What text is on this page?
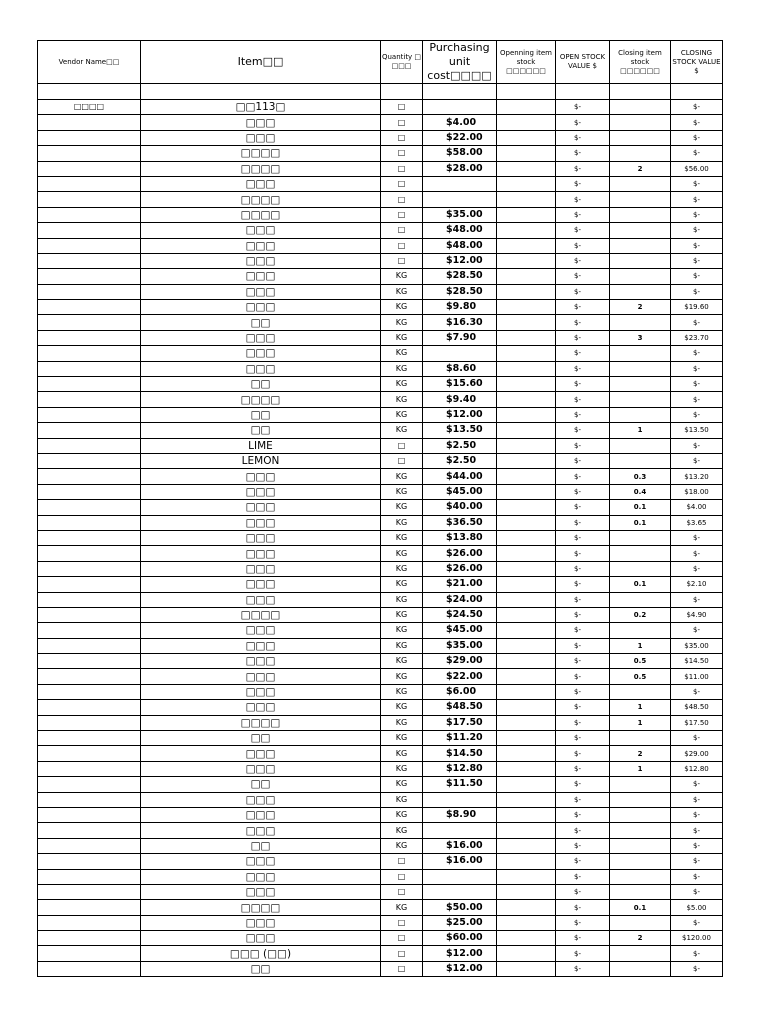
Vendor Name□□	Item□□	Quantity □ □□□	Purchasing unit cost□□□□	Openning item stock □□□□□□	OPEN STOCK VALUE $	Closing item stock □□□□□□	CLOSING STOCK VALUE $

□□□□	□□113□	□			$-		$-
	□□□	□	$4.00		$-		$-
	□□□	□	$22.00		$-		$-
	□□□□	□	$58.00		$-		$-
	□□□□	□	$28.00		$-	2	$56.00
	□□□	□			$-		$-
	□□□□	□			$-		$-
	□□□□	□	$35.00		$-		$-
	□□□	□	$48.00		$-		$-
	□□□	□	$48.00		$-		$-
	□□□	□	$12.00		$-		$-
	□□□	KG	$28.50		$-		$-
	□□□	KG	$28.50		$-		$-
	□□□	KG	$9.80		$-	2	$19.60
	□□	KG	$16.30		$-		$-
	□□□	KG	$7.90		$-	3	$23.70
	□□□	KG			$-		$-
	□□□	KG	$8.60		$-		$-
	□□	KG	$15.60		$-		$-
	□□□□	KG	$9.40		$-		$-
	□□	KG	$12.00		$-		$-
	□□	KG	$13.50		$-	1	$13.50
	LIME	□	$2.50		$-		$-
	LEMON	□	$2.50		$-		$-
	□□□	KG	$44.00		$-	0.3	$13.20
	□□□	KG	$45.00		$-	0.4	$18.00
	□□□	KG	$40.00		$-	0.1	$4.00
	□□□	KG	$36.50		$-	0.1	$3.65
	□□□	KG	$13.80		$-		$-
	□□□	KG	$26.00		$-		$-
	□□□	KG	$26.00		$-		$-
	□□□	KG	$21.00		$-	0.1	$2.10
	□□□	KG	$24.00		$-		$-
	□□□□	KG	$24.50		$-	0.2	$4.90
	□□□	KG	$45.00		$-		$-
	□□□	KG	$35.00		$-	1	$35.00
	□□□	KG	$29.00		$-	0.5	$14.50
	□□□	KG	$22.00		$-	0.5	$11.00
	□□□	KG	$6.00		$-		$-
	□□□	KG	$48.50		$-	1	$48.50
	□□□□	KG	$17.50		$-	1	$17.50
	□□	KG	$11.20		$-		$-
	□□□	KG	$14.50		$-	2	$29.00
	□□□	KG	$12.80		$-	1	$12.80
	□□	KG	$11.50		$-		$-
	□□□	KG			$-		$-
	□□□	KG	$8.90		$-		$-
	□□□	KG			$-		$-
	□□	KG	$16.00		$-		$-
	□□□	□	$16.00		$-		$-
	□□□	□			$-		$-
	□□□	□			$-		$-
	□□□□	KG	$50.00		$-	0.1	$5.00
	□□□	□	$25.00		$-		$-
	□□□	□	$60.00		$-	2	$120.00
	□□□ (□□)	□	$12.00		$-		$-
	□□	□	$12.00		$-		$-
